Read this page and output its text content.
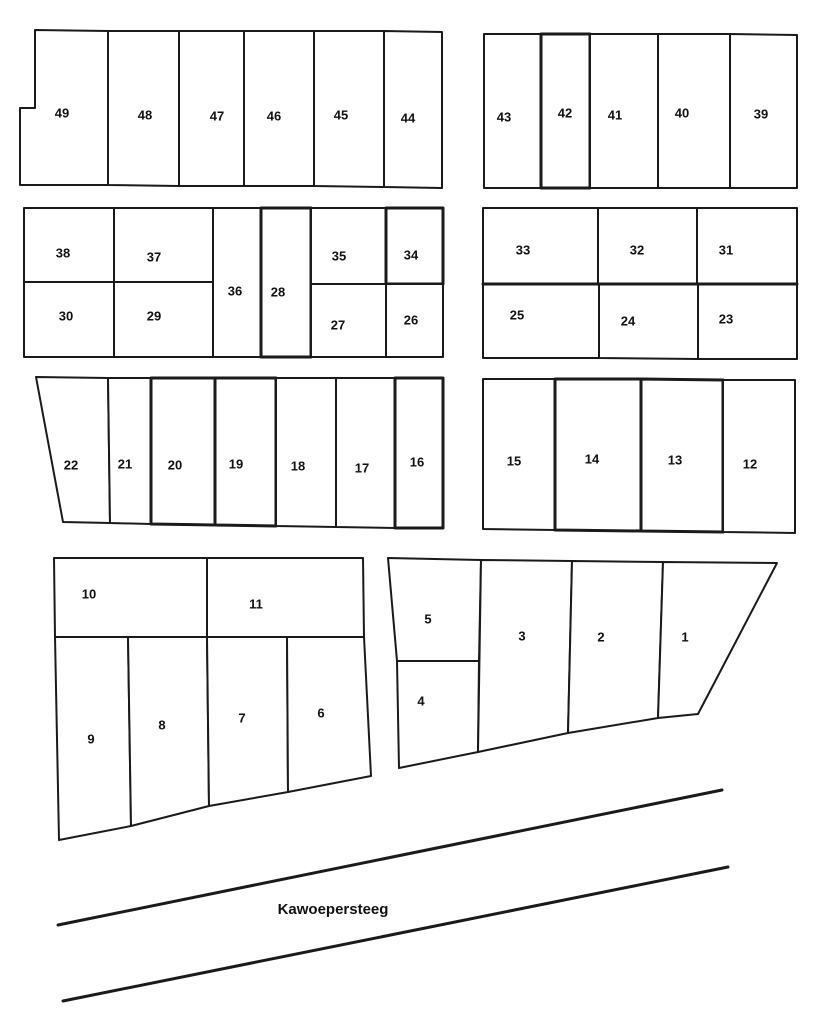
1
2
3
4
5
6
7
8
9
10
11
12
13
14
15
16
17
18
19
20
21
22
23
24
25
26
27
28
29
30
31
32
33
34
35
36
37
38
39
40
41
42
43
44
45
46
47
48
49
Kawoepersteeg
